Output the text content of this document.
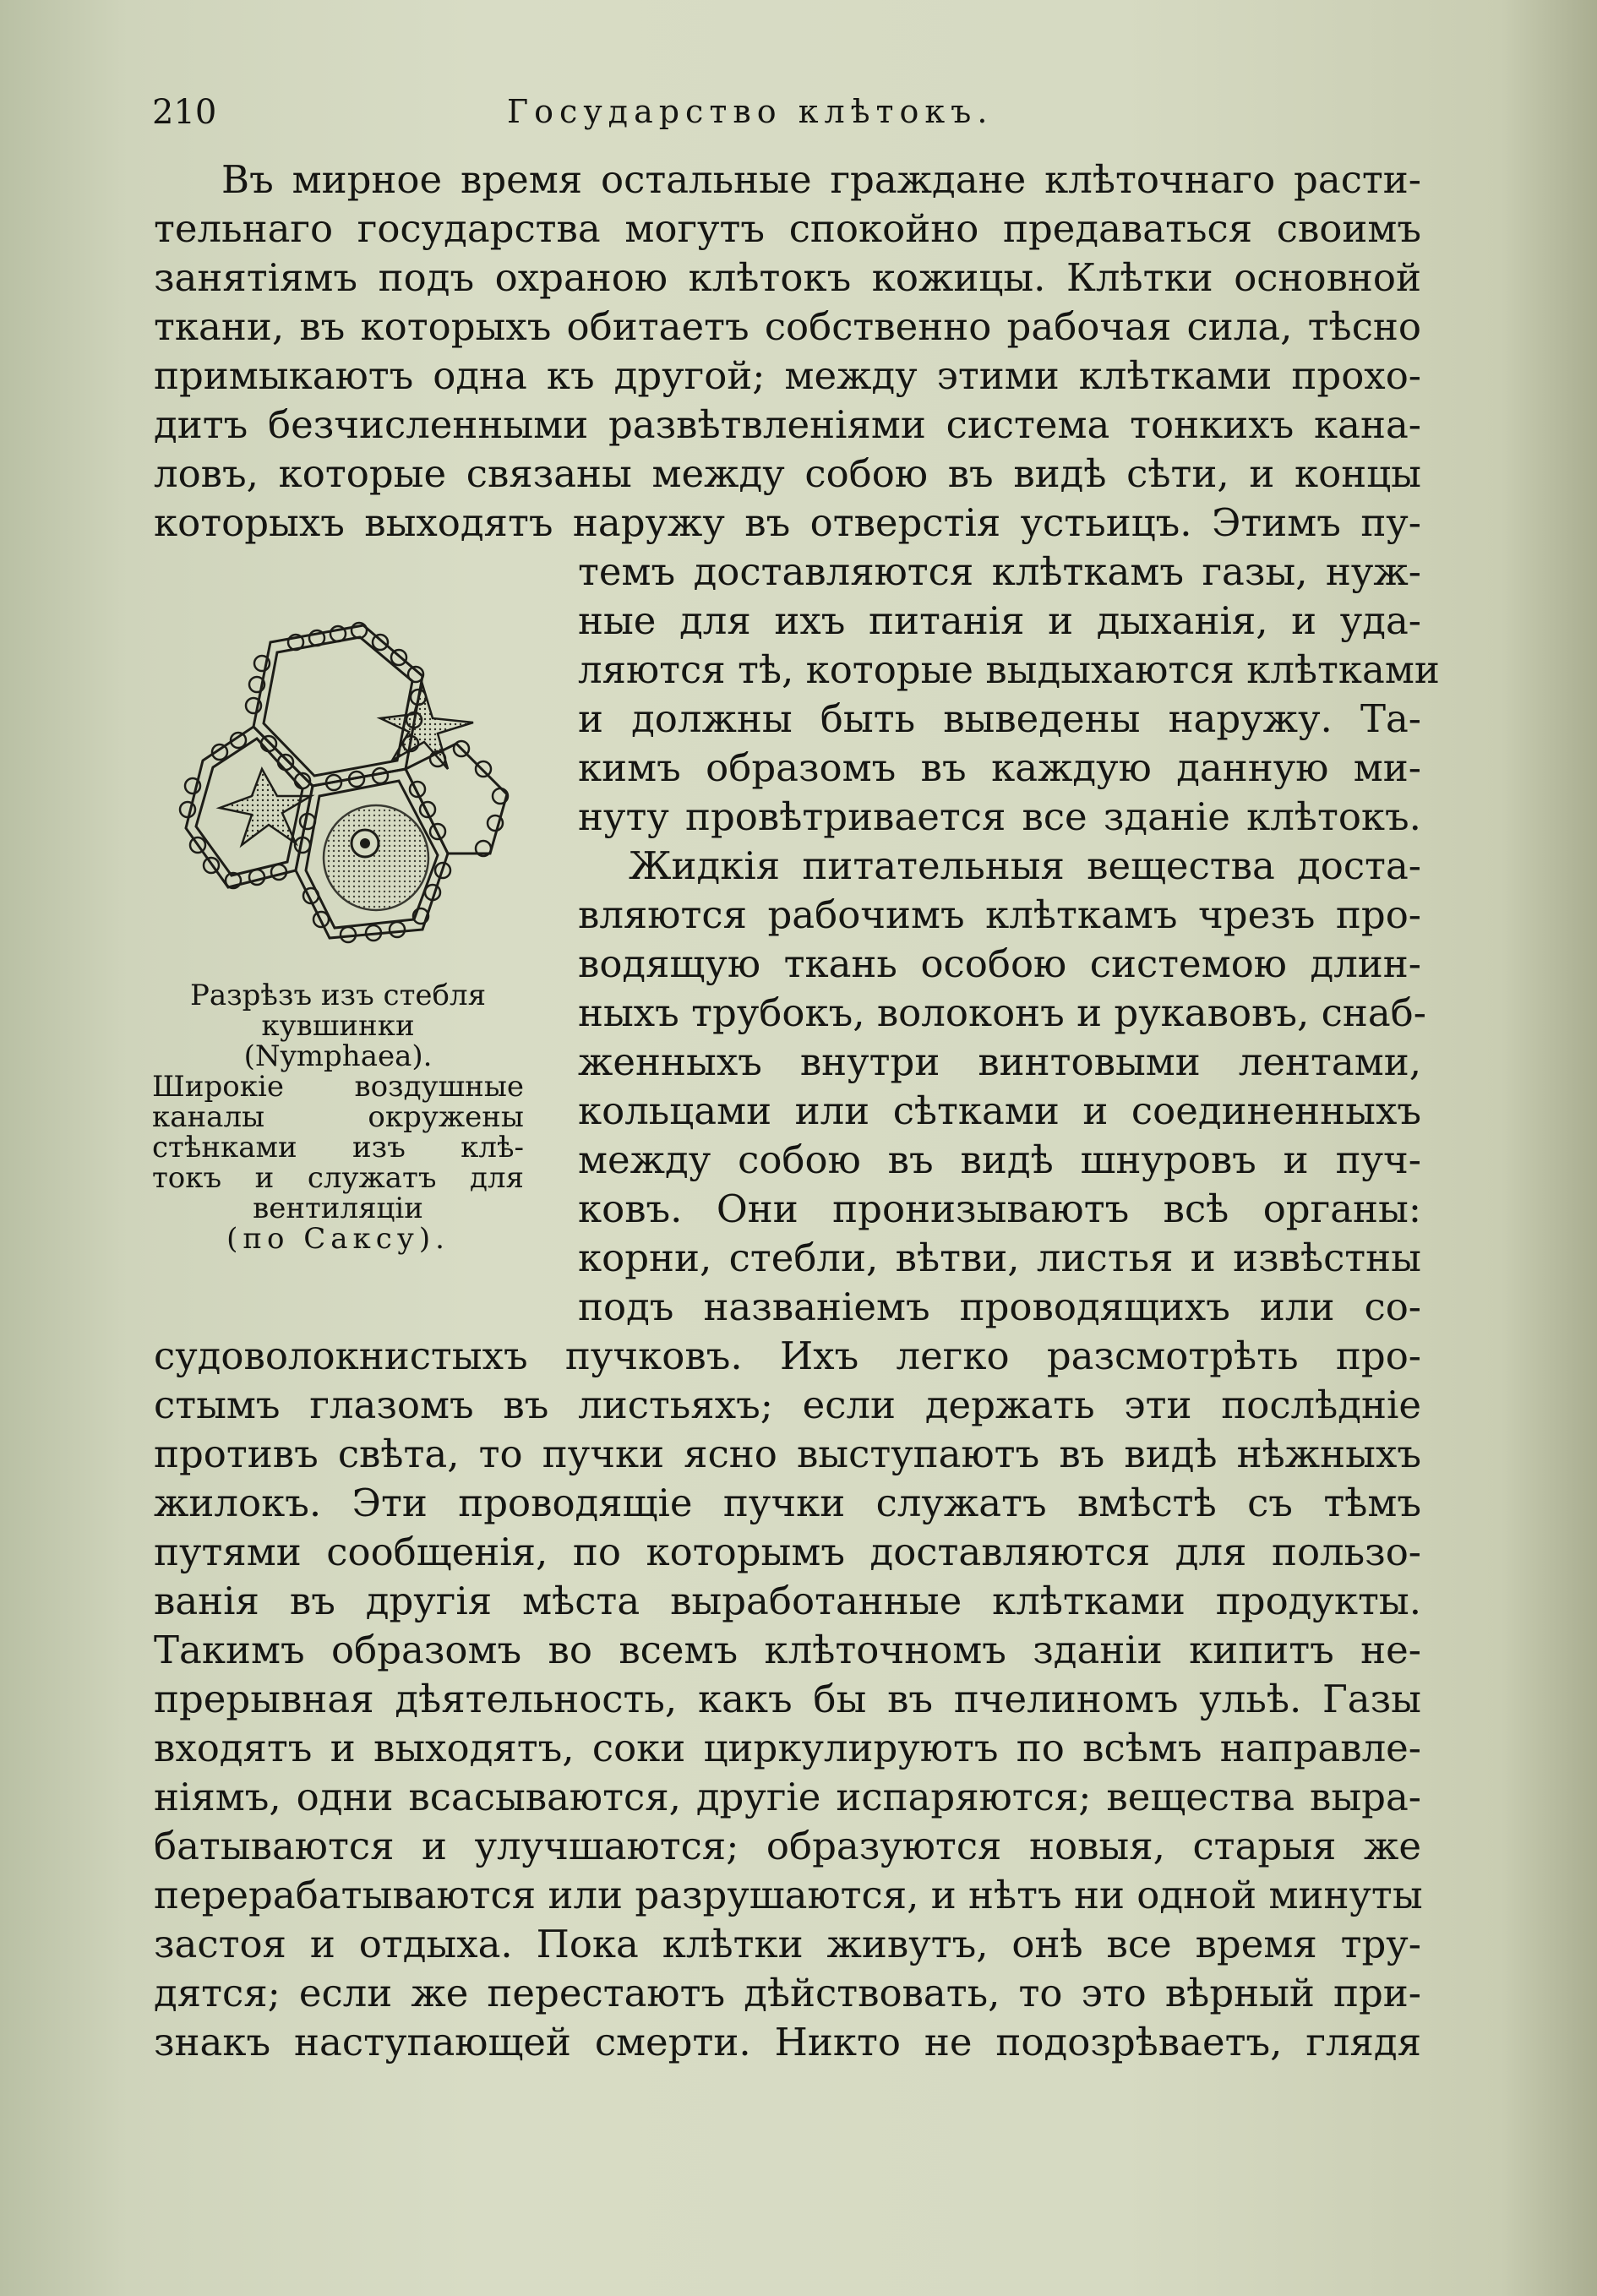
210	Государство клѣтокъ.
Въ мирное время остальные граждане клѣточнаго расти-
тельнаго государства могутъ спокойно предаваться своимъ
занятіямъ подъ охраною клѣтокъ кожицы. Клѣтки основной
ткани, въ которыхъ обитаетъ собственно рабочая сила, тѣсно
примыкаютъ одна къ другой; между этими клѣтками прохо-
дитъ безчисленными развѣтвленіями система тонкихъ кана-
ловъ, которые связаны между собою въ видѣ сѣти, и концы
которыхъ выходятъ наружу въ отверстія устьицъ. Этимъ пу-
темъ доставляются клѣткамъ газы, нуж-
ные для ихъ питанія и дыханія, и уда-
ляются тѣ, которые выдыхаются клѣтками
и должны быть выведены наружу. Та-
кимъ образомъ въ каждую данную ми-
нуту провѣтривается все зданіе клѣтокъ.
Жидкія питательныя вещества доста-
вляются рабочимъ клѣткамъ чрезъ про-
водящую ткань особою системою длин-
ныхъ трубокъ, волоконъ и рукавовъ, снаб-
женныхъ внутри винтовыми лентами,
кольцами или сѣтками и соединенныхъ
между собою въ видѣ шнуровъ и пуч-
ковъ. Они пронизываютъ всѣ органы:
корни, стебли, вѣтви, листья и извѣстны
подъ названіемъ проводящихъ или со-
судоволокнистыхъ пучковъ. Ихъ легко разсмотрѣть про-
стымъ глазомъ въ листьяхъ; если держать эти послѣдніе
противъ свѣта, то пучки ясно выступаютъ въ видѣ нѣжныхъ
жилокъ. Эти проводящіе пучки служатъ вмѣстѣ съ тѣмъ
путями сообщенія, по которымъ доставляются для пользо-
ванія въ другія мѣста выработанные клѣтками продукты.
Такимъ образомъ во всемъ клѣточномъ зданіи кипитъ не-
прерывная дѣятельность, какъ бы въ пчелиномъ ульѣ. Газы
входятъ и выходятъ, соки циркулируютъ по всѣмъ направле-
ніямъ, одни всасываются, другіе испаряются; вещества выра-
батываются и улучшаются; образуются новыя, старыя же
перерабатываются или разрушаются, и нѣтъ ни одной минуты
застоя и отдыха. Пока клѣтки живутъ, онѣ все время тру-
дятся; если же перестаютъ дѣйствовать, то это вѣрный при-
знакъ наступающей смерти. Никто не подозрѣваетъ, глядя
Разрѣзъ изъ стебля
кувшинки
(Nymphaea).
Широкіе воздушные
каналы окружены
стѣнками изъ клѣ-
токъ и служатъ для
вентиляціи
(по Саксу).
